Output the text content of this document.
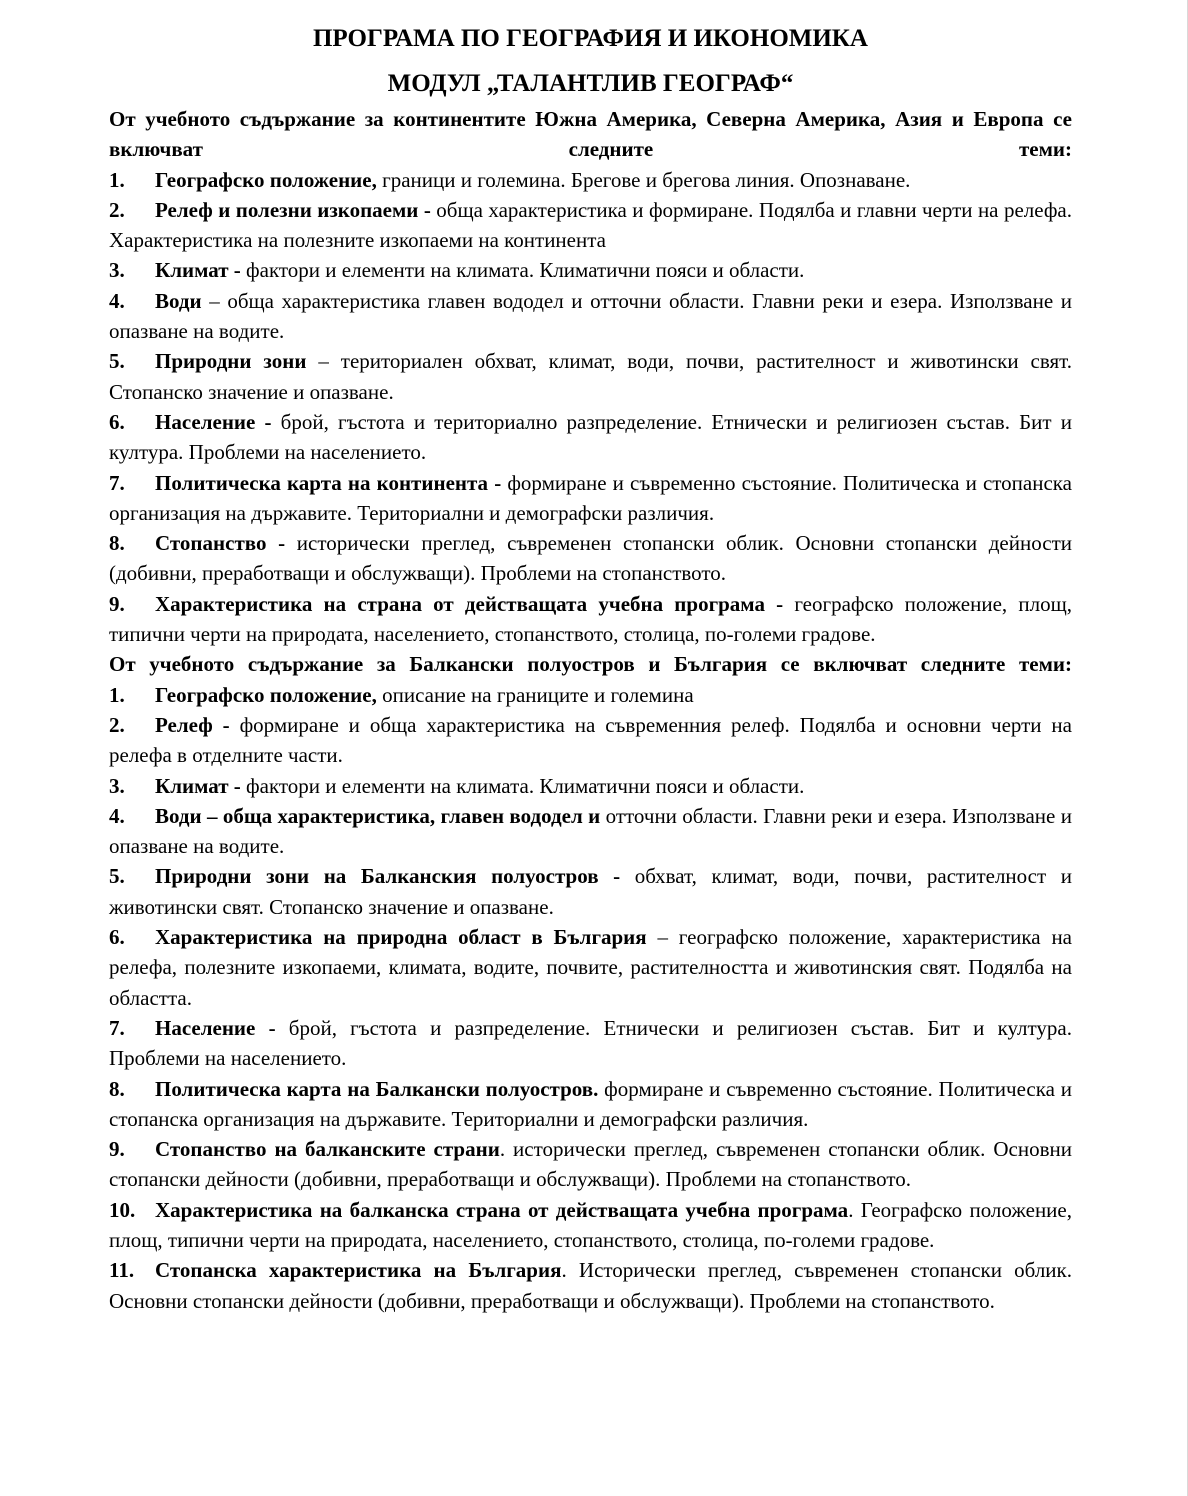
ПРОГРАМА ПО ГЕОГРАФИЯ И ИКОНОМИКА

МОДУЛ „ТАЛАНТЛИВ ГЕОГРАФ“

От учебното съдържание за континентите Южна Америка, Северна Америка, Азия и Европа се включват следните теми:

1. Географско положение, граници и големина. Брегове и брегова линия. Опознаване.

2. Релеф и полезни изкопаеми - обща характеристика и формиране. Подялба и главни черти на релефа. Характеристика на полезните изкопаеми на континента

3. Климат - фактори и елементи на климата. Климатични пояси и области.

4. Води – обща характеристика главен вододел и отточни области. Главни реки и езера. Използване и опазване на водите.

5. Природни зони – териториален обхват, климат, води, почви, растителност и животински свят. Стопанско значение и опазване.

6. Население - брой, гъстота и териториално разпределение. Етнически и религиозен състав. Бит и култура. Проблеми на населението.

7. Политическа карта на континента - формиране и съвременно състояние. Политическа и стопанска организация на държавите. Териториални и демографски различия.

8. Стопанство - исторически преглед, съвременен стопански облик. Основни стопански дейности (добивни, преработващи и обслужващи). Проблеми на стопанството.

9. Характеристика на страна от действащата учебна програма - географско положение, площ, типични черти на природата, населението, стопанството, столица, по-големи градове.

От учебното съдържание за Балкански полуостров и България се включват следните теми:

1. Географско положение, описание на границите и големина

2. Релеф - формиране и обща характеристика на съвременния релеф. Подялба и основни черти на релефа в отделните части.

3. Климат - фактори и елементи на климата. Климатични пояси и области.

4. Води – обща характеристика, главен вододел и отточни области. Главни реки и езера. Използване и опазване на водите.

5. Природни зони на Балканския полуостров - обхват, климат, води, почви, растителност и животински свят. Стопанско значение и опазване.

6. Характеристика на природна област в България – географско положение, характеристика на релефа, полезните изкопаеми, климата, водите, почвите, растителността и животинския свят. Подялба на областта.

7. Население - брой, гъстота и разпределение. Етнически и религиозен състав. Бит и култура. Проблеми на населението.

8. Политическа карта на Балкански полуостров. формиране и съвременно състояние. Политическа и стопанска организация на държавите. Териториални и демографски различия.

9. Стопанство на балканските страни. исторически преглед, съвременен стопански облик. Основни стопански дейности (добивни, преработващи и обслужващи). Проблеми на стопанството.

10. Характеристика на балканска страна от действащата учебна програма. Географско положение, площ, типични черти на природата, населението, стопанството, столица, по-големи градове.

11. Стопанска характеристика на България. Исторически преглед, съвременен стопански облик. Основни стопански дейности (добивни, преработващи и обслужващи). Проблеми на стопанството.
